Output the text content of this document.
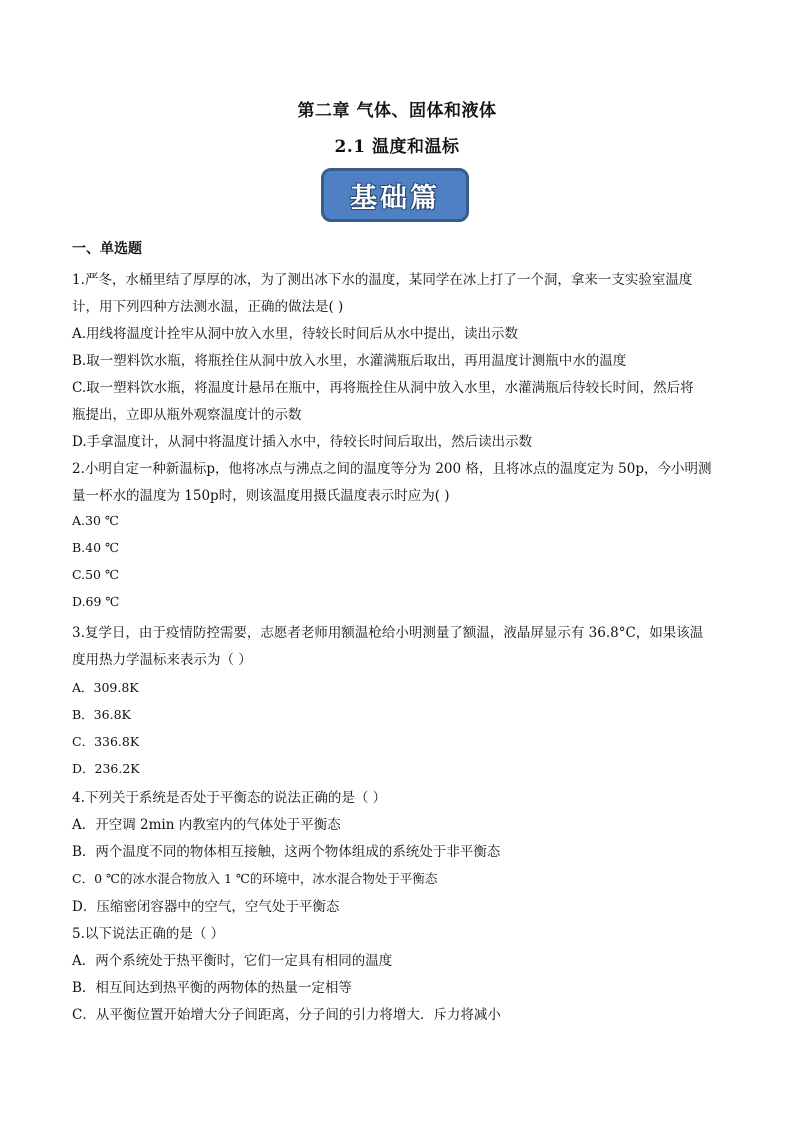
第二章 气体、固体和液体
2.1 温度和温标
基础篇
一、单选题
1.严冬，水桶里结了厚厚的冰，为了测出冰下水的温度，某同学在冰上打了一个洞，拿来一支实验室温度
计，用下列四种方法测水温，正确的做法是( )
A.用线将温度计拴牢从洞中放入水里，待较长时间后从水中提出，读出示数
B.取一塑料饮水瓶，将瓶拴住从洞中放入水里，水灌满瓶后取出，再用温度计测瓶中水的温度
C.取一塑料饮水瓶，将温度计悬吊在瓶中，再将瓶拴住从洞中放入水里，水灌满瓶后待较长时间，然后将
瓶提出，立即从瓶外观察温度计的示数
D.手拿温度计，从洞中将温度计插入水中，待较长时间后取出，然后读出示数
2.小明自定一种新温标p，他将冰点与沸点之间的温度等分为 200 格，且将冰点的温度定为 50p，今小明测
量一杯水的温度为 150p时，则该温度用摄氏温度表示时应为( )
A.30 ℃
B.40 ℃
C.50 ℃
D.69 ℃
3.复学日，由于疫情防控需要，志愿者老师用额温枪给小明测量了额温，液晶屏显示有 36.8°C，如果该温
度用热力学温标来表示为（ ）
A．309.8K
B．36.8K
C．336.8K
D．236.2K
4.下列关于系统是否处于平衡态的说法正确的是（ ）
A．开空调 2min 内教室内的气体处于平衡态
B．两个温度不同的物体相互接触，这两个物体组成的系统处于非平衡态
C．0 ℃的冰水混合物放入 1 ℃的环境中，冰水混合物处于平衡态
D．压缩密闭容器中的空气，空气处于平衡态
5.以下说法正确的是（ ）
A．两个系统处于热平衡时，它们一定具有相同的温度
B．相互间达到热平衡的两物体的热量一定相等
C．从平衡位置开始增大分子间距离，分子间的引力将增大．斥力将减小
